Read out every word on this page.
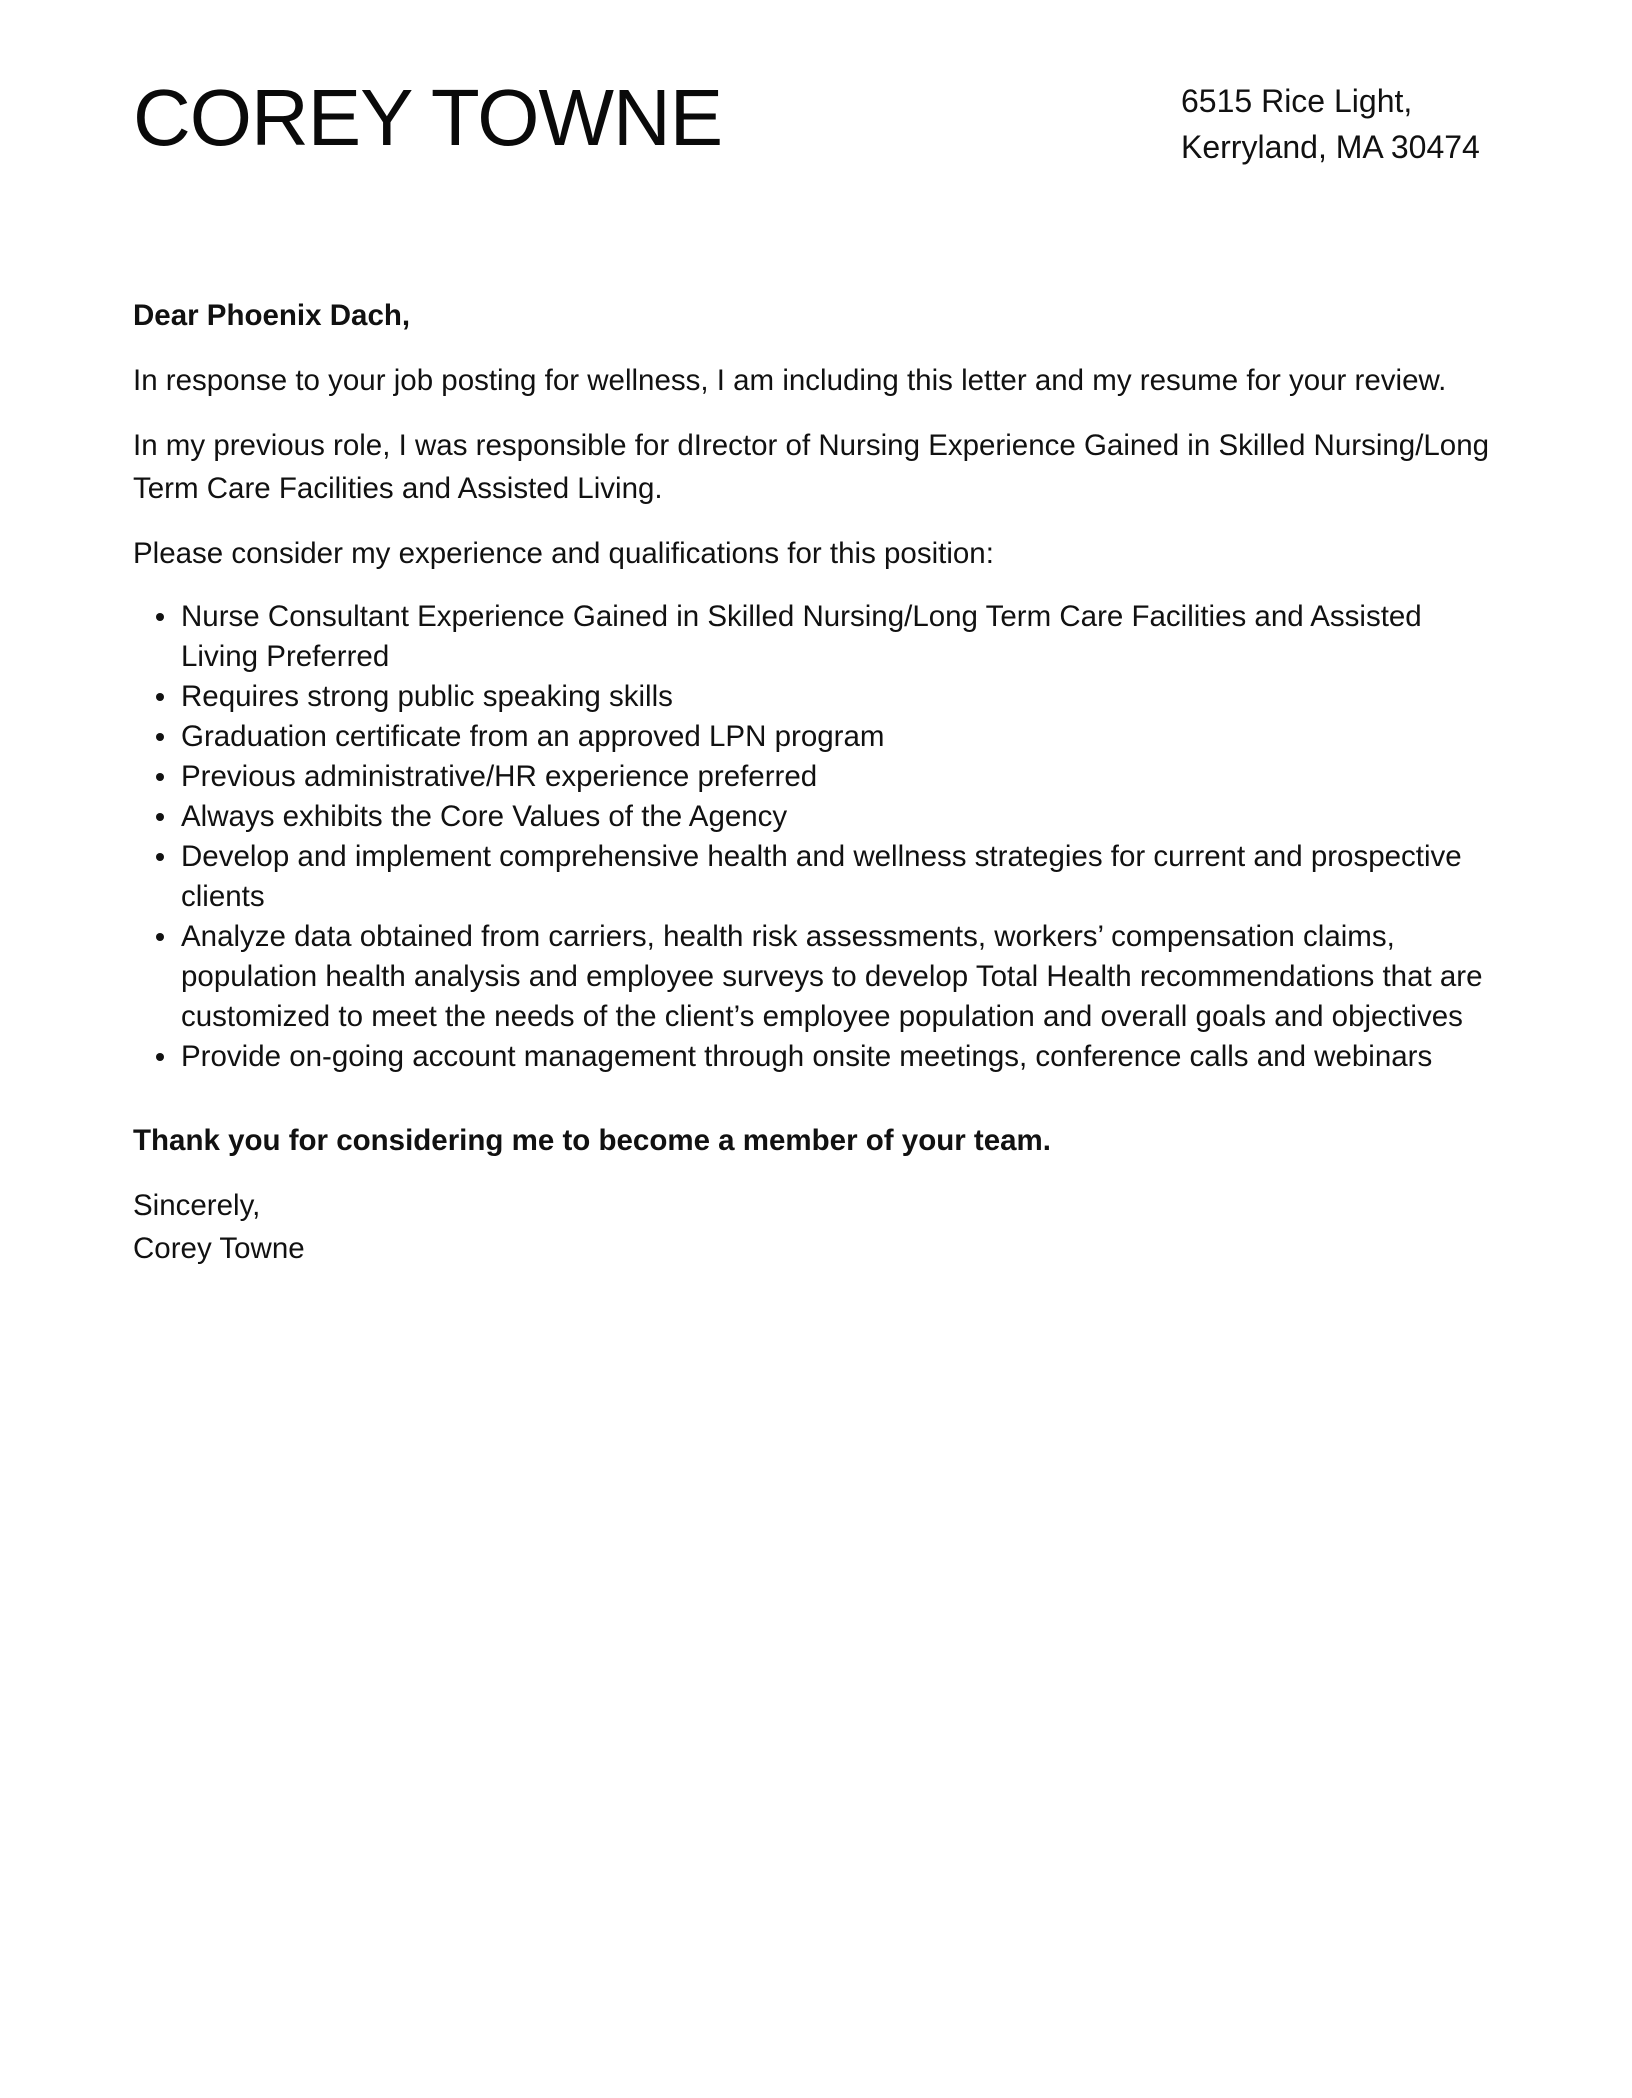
COREY TOWNE	6515 Rice Light,
Kerryland, MA 30474

Dear Phoenix Dach,

In response to your job posting for wellness, I am including this letter and my resume for your review.

In my previous role, I was responsible for dIrector of Nursing Experience Gained in Skilled Nursing/Long Term Care Facilities and Assisted Living.

Please consider my experience and qualifications for this position:

Nurse Consultant Experience Gained in Skilled Nursing/Long Term Care Facilities and Assisted Living Preferred
Requires strong public speaking skills
Graduation certificate from an approved LPN program
Previous administrative/HR experience preferred
Always exhibits the Core Values of the Agency
Develop and implement comprehensive health and wellness strategies for current and prospective clients
Analyze data obtained from carriers, health risk assessments, workers’ compensation claims, population health analysis and employee surveys to develop Total Health recommendations that are customized to meet the needs of the client’s employee population and overall goals and objectives
Provide on-going account management through onsite meetings, conference calls and webinars

Thank you for considering me to become a member of your team.

Sincerely,
Corey Towne
